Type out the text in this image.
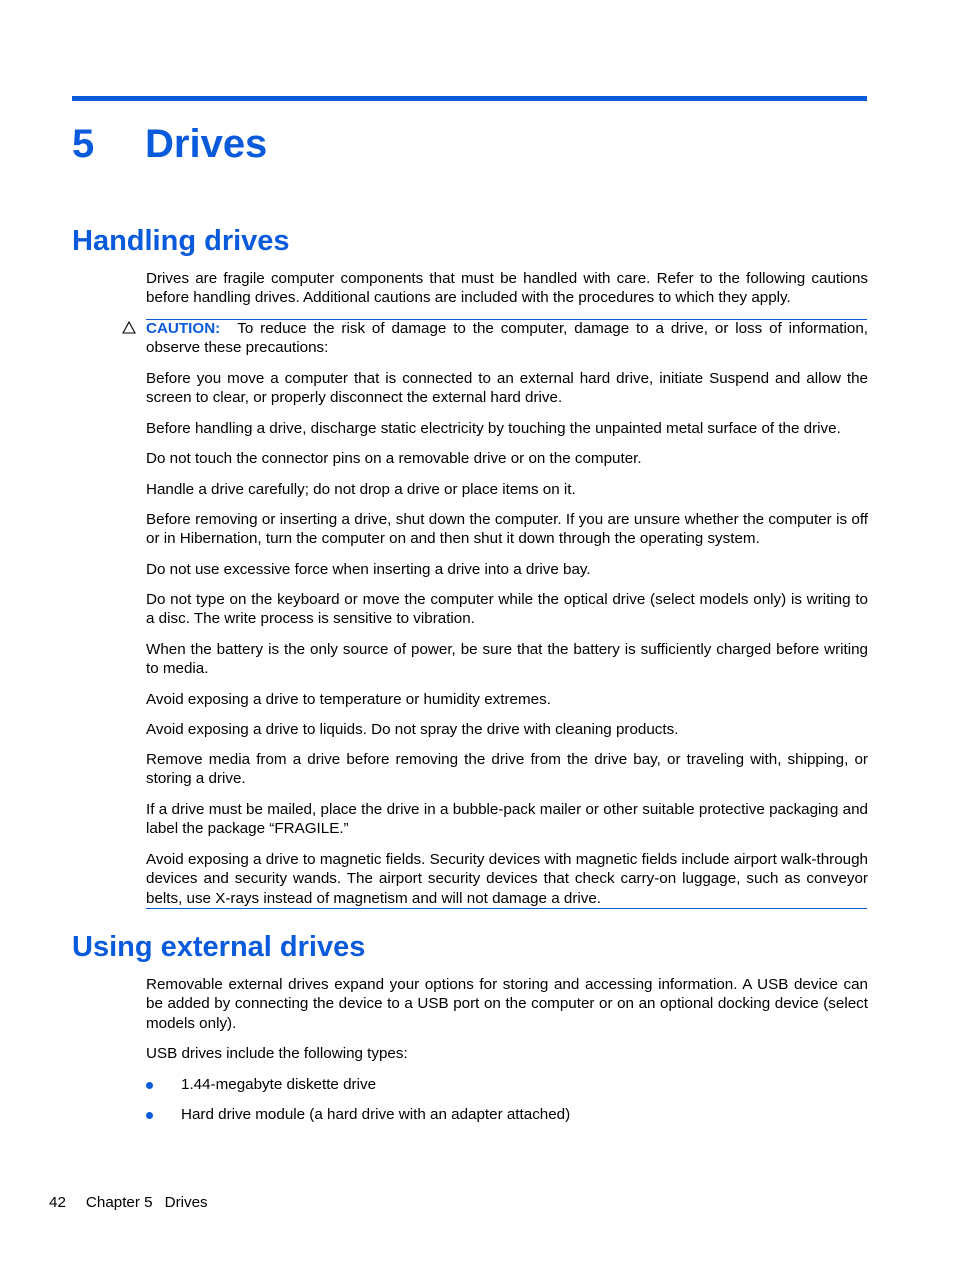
5 Drives
Handling drives

Drives are fragile computer components that must be handled with care. Refer to the following cautions before handling drives. Additional cautions are included with the procedures to which they apply.

CAUTION: To reduce the risk of damage to the computer, damage to a drive, or loss of information, observe these precautions:

Before you move a computer that is connected to an external hard drive, initiate Suspend and allow the screen to clear, or properly disconnect the external hard drive.

Before handling a drive, discharge static electricity by touching the unpainted metal surface of the drive.

Do not touch the connector pins on a removable drive or on the computer.

Handle a drive carefully; do not drop a drive or place items on it.

Before removing or inserting a drive, shut down the computer. If you are unsure whether the computer is off or in Hibernation, turn the computer on and then shut it down through the operating system.

Do not use excessive force when inserting a drive into a drive bay.

Do not type on the keyboard or move the computer while the optical drive (select models only) is writing to a disc. The write process is sensitive to vibration.

When the battery is the only source of power, be sure that the battery is sufficiently charged before writing to media.

Avoid exposing a drive to temperature or humidity extremes.

Avoid exposing a drive to liquids. Do not spray the drive with cleaning products.

Remove media from a drive before removing the drive from the drive bay, or traveling with, shipping, or storing a drive.

If a drive must be mailed, place the drive in a bubble-pack mailer or other suitable protective packaging and label the package “FRAGILE.”

Avoid exposing a drive to magnetic fields. Security devices with magnetic fields include airport walk-through devices and security wands. The airport security devices that check carry-on luggage, such as conveyor belts, use X-rays instead of magnetism and will not damage a drive.

Using external drives

Removable external drives expand your options for storing and accessing information. A USB device can be added by connecting the device to a USB port on the computer or on an optional docking device (select models only).

USB drives include the following types:

1.44-megabyte diskette drive

Hard drive module (a hard drive with an adapter attached)

42 Chapter 5 Drives
